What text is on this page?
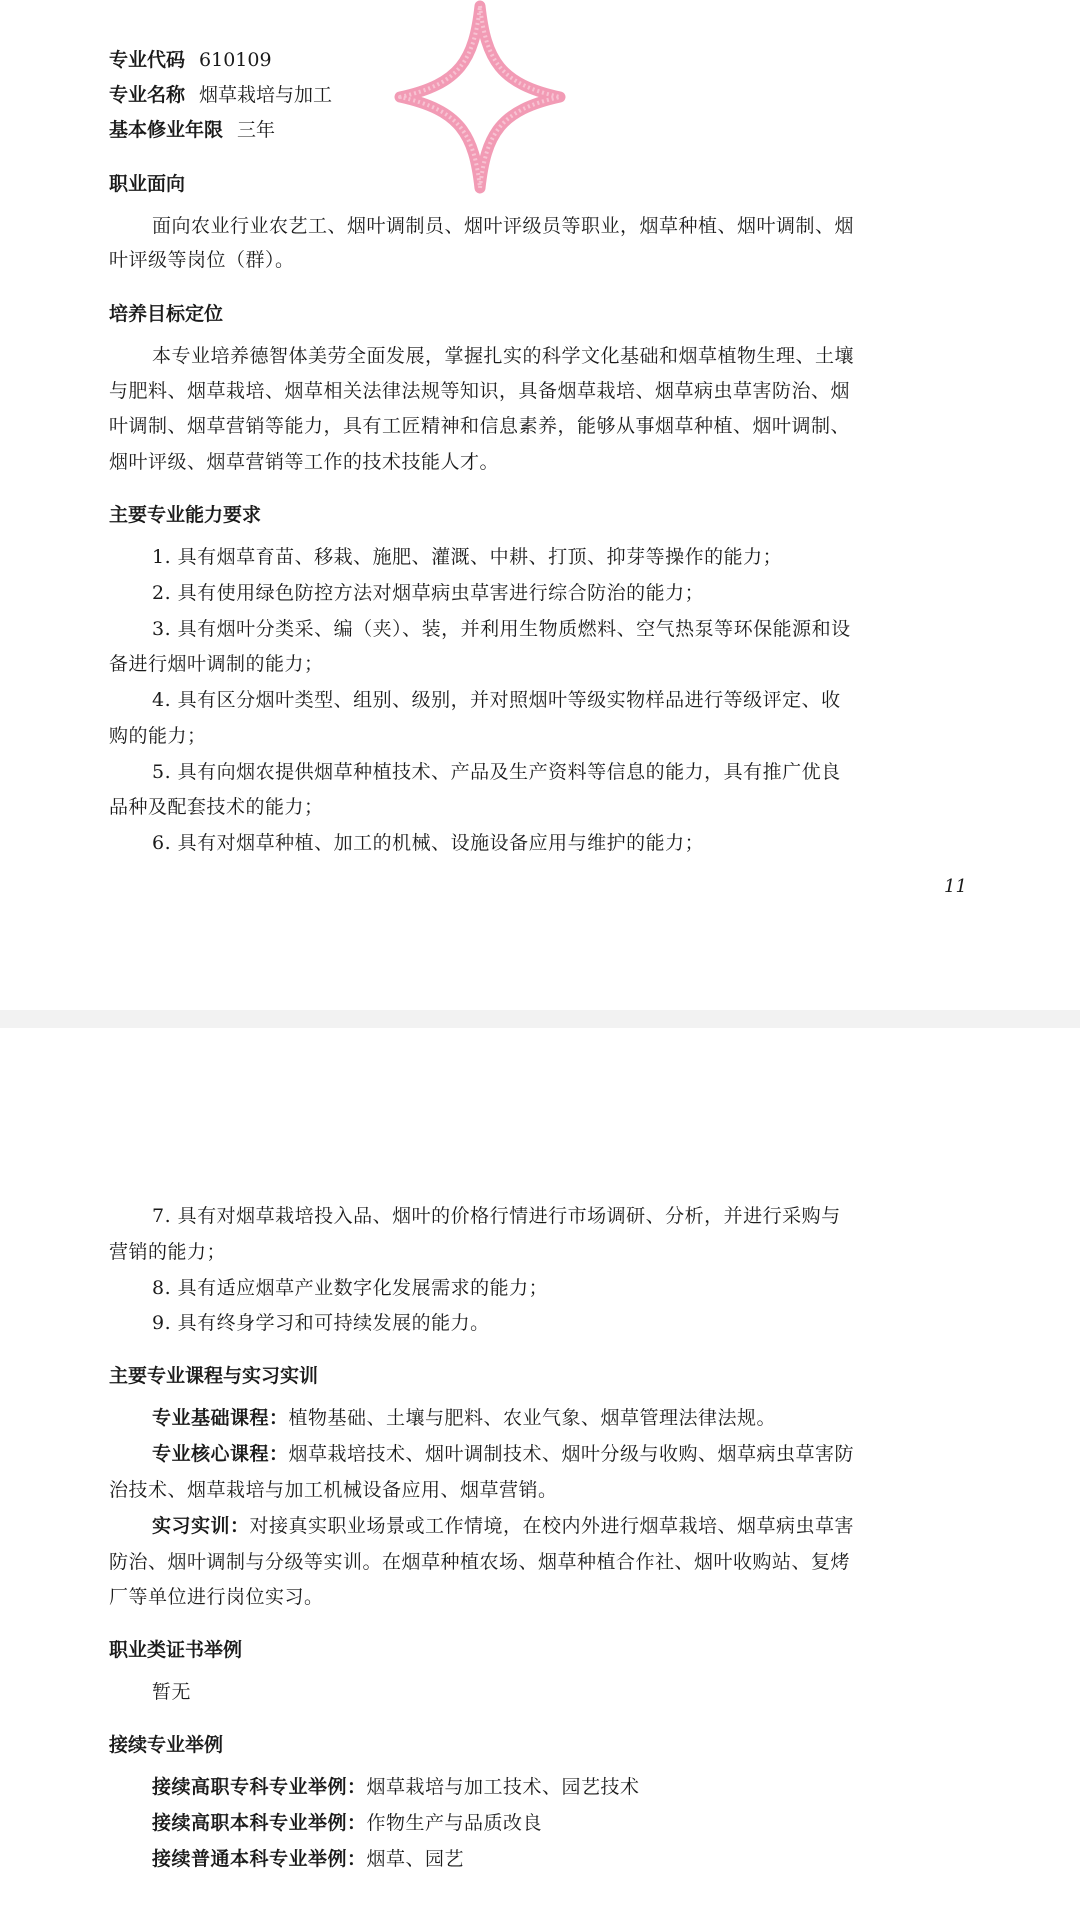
专业代码 610109
专业名称 烟草栽培与加工
基本修业年限 三年
职业面向
面向农业行业农艺工、烟叶调制员、烟叶评级员等职业，烟草种植、烟叶调制、烟
叶评级等岗位（群）。
培养目标定位
本专业培养德智体美劳全面发展，掌握扎实的科学文化基础和烟草植物生理、土壤
与肥料、烟草栽培、烟草相关法律法规等知识，具备烟草栽培、烟草病虫草害防治、烟
叶调制、烟草营销等能力，具有工匠精神和信息素养，能够从事烟草种植、烟叶调制、
烟叶评级、烟草营销等工作的技术技能人才。
主要专业能力要求
1. 具有烟草育苗、移栽、施肥、灌溉、中耕、打顶、抑芽等操作的能力；
2. 具有使用绿色防控方法对烟草病虫草害进行综合防治的能力；
3. 具有烟叶分类采、编（夹）、装，并利用生物质燃料、空气热泵等环保能源和设
备进行烟叶调制的能力；
4. 具有区分烟叶类型、组别、级别，并对照烟叶等级实物样品进行等级评定、收
购的能力；
5. 具有向烟农提供烟草种植技术、产品及生产资料等信息的能力，具有推广优良
品种及配套技术的能力；
6. 具有对烟草种植、加工的机械、设施设备应用与维护的能力；
11
7. 具有对烟草栽培投入品、烟叶的价格行情进行市场调研、分析，并进行采购与
营销的能力；
8. 具有适应烟草产业数字化发展需求的能力；
9. 具有终身学习和可持续发展的能力。
主要专业课程与实习实训
专业基础课程：植物基础、土壤与肥料、农业气象、烟草管理法律法规。
专业核心课程：烟草栽培技术、烟叶调制技术、烟叶分级与收购、烟草病虫草害防
治技术、烟草栽培与加工机械设备应用、烟草营销。
实习实训：对接真实职业场景或工作情境，在校内外进行烟草栽培、烟草病虫草害
防治、烟叶调制与分级等实训。在烟草种植农场、烟草种植合作社、烟叶收购站、复烤
厂等单位进行岗位实习。
职业类证书举例
暂无
接续专业举例
接续高职专科专业举例：烟草栽培与加工技术、园艺技术
接续高职本科专业举例：作物生产与品质改良
接续普通本科专业举例：烟草、园艺
